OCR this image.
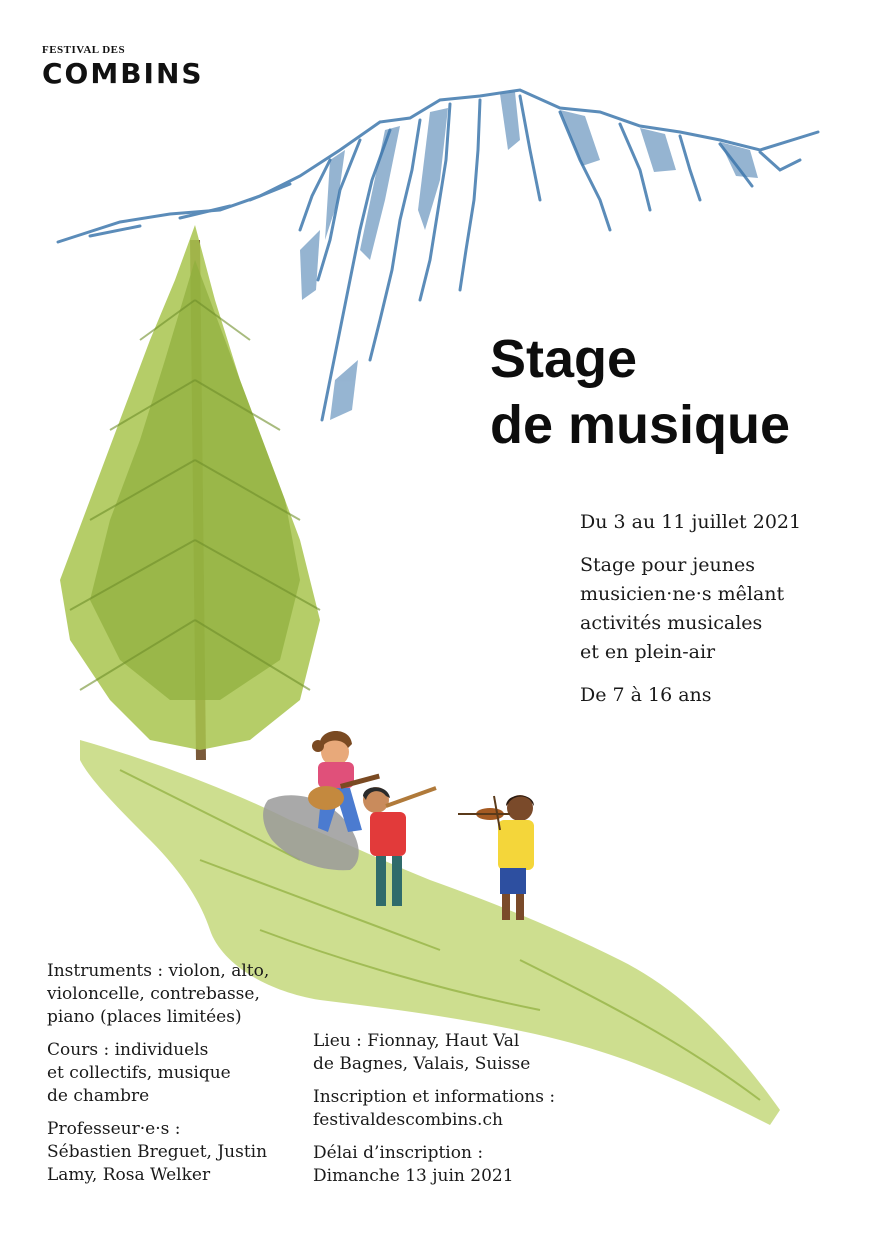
FESTIVAL DES
COMBINS
Stage
de musique

Du 3 au 11 juillet 2021

Stage pour jeunes
musicien·ne·s mêlant
activités musicales
et en plein-air

De 7 à 16 ans

Instruments : violon, alto,
violoncelle, contrebasse,
piano (places limitées)

Cours : individuels
et collectifs, musique
de chambre

Professeur·e·s :
Sébastien Breguet, Justin
Lamy, Rosa Welker

Lieu : Fionnay, Haut Val
de Bagnes, Valais, Suisse

Inscription et informations :
festivaldescombins.ch

Délai d’inscription :
Dimanche 13 juin 2021
